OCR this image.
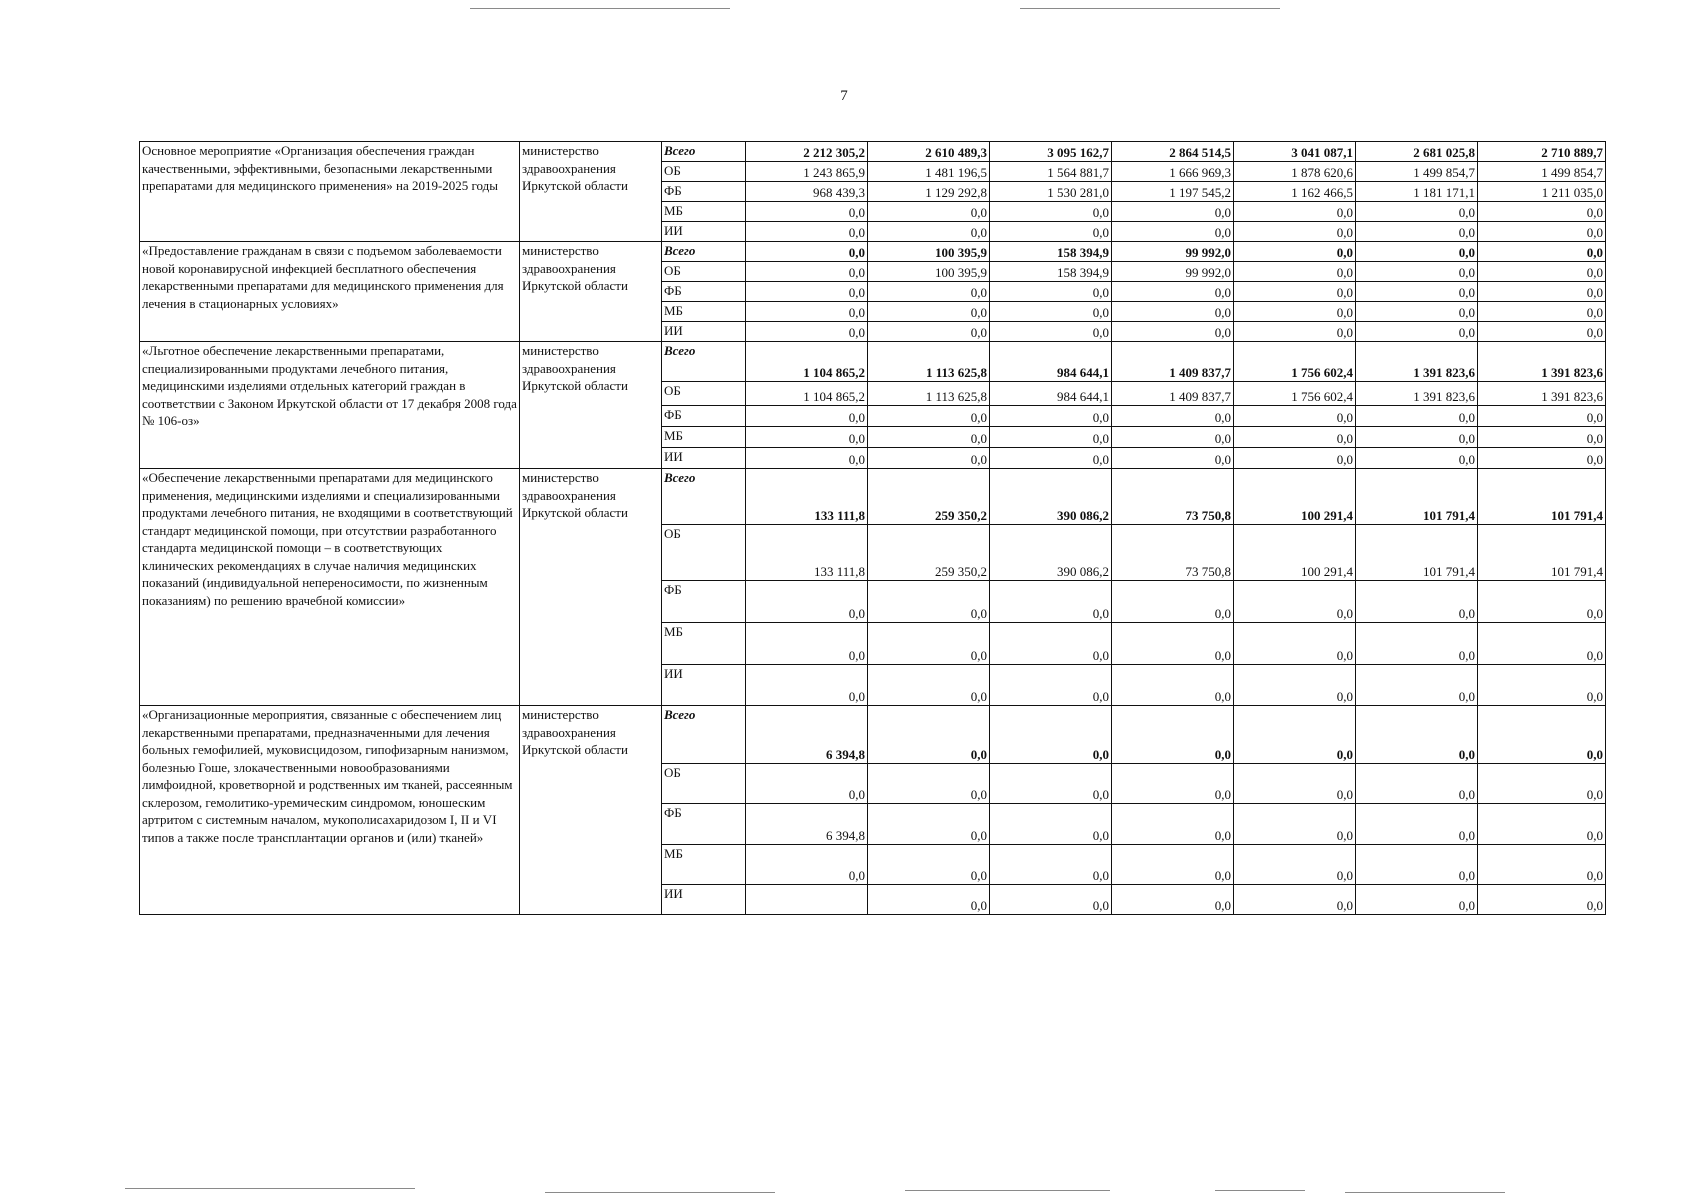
7
Основное мероприятие «Организация обеспечения граждан качественными, эффективными, безопасными лекарственными препаратами для медицинского применения» на 2019-2025 годы	министерство здравоохранения Иркутской области	Всего	2 212 305,2	2 610 489,3	3 095 162,7	2 864 514,5	3 041 087,1	2 681 025,8	2 710 889,7
		ОБ	1 243 865,9	1 481 196,5	1 564 881,7	1 666 969,3	1 878 620,6	1 499 854,7	1 499 854,7
		ФБ	968 439,3	1 129 292,8	1 530 281,0	1 197 545,2	1 162 466,5	1 181 171,1	1 211 035,0
		МБ	0,0	0,0	0,0	0,0	0,0	0,0	0,0
		ИИ	0,0	0,0	0,0	0,0	0,0	0,0	0,0
«Предоставление гражданам в связи с подъемом заболеваемости новой коронавирусной инфекцией бесплатного обеспечения лекарственными препаратами для медицинского применения для лечения в стационарных условиях»	министерство здравоохранения Иркутской области	Всего	0,0	100 395,9	158 394,9	99 992,0	0,0	0,0	0,0
		ОБ	0,0	100 395,9	158 394,9	99 992,0	0,0	0,0	0,0
		ФБ	0,0	0,0	0,0	0,0	0,0	0,0	0,0
		МБ	0,0	0,0	0,0	0,0	0,0	0,0	0,0
		ИИ	0,0	0,0	0,0	0,0	0,0	0,0	0,0
«Льготное обеспечение лекарственными препаратами, специализированными продуктами лечебного питания, медицинскими изделиями отдельных категорий граждан в соответствии с Законом Иркутской области от 17 декабря 2008 года № 106-оз»	министерство здравоохранения Иркутской области	Всего	1 104 865,2	1 113 625,8	984 644,1	1 409 837,7	1 756 602,4	1 391 823,6	1 391 823,6
		ОБ	1 104 865,2	1 113 625,8	984 644,1	1 409 837,7	1 756 602,4	1 391 823,6	1 391 823,6
		ФБ	0,0	0,0	0,0	0,0	0,0	0,0	0,0
		МБ	0,0	0,0	0,0	0,0	0,0	0,0	0,0
		ИИ	0,0	0,0	0,0	0,0	0,0	0,0	0,0
«Обеспечение лекарственными препаратами для медицинского применения, медицинскими изделиями и специализированными продуктами лечебного питания, не входящими в соответствующий стандарт медицинской помощи, при отсутствии разработанного стандарта медицинской помощи – в соответствующих клинических рекомендациях в случае наличия медицинских показаний (индивидуальной непереносимости, по жизненным показаниям) по решению врачебной комиссии»	министерство здравоохранения Иркутской области	Всего	133 111,8	259 350,2	390 086,2	73 750,8	100 291,4	101 791,4	101 791,4
		ОБ	133 111,8	259 350,2	390 086,2	73 750,8	100 291,4	101 791,4	101 791,4
		ФБ	0,0	0,0	0,0	0,0	0,0	0,0	0,0
		МБ	0,0	0,0	0,0	0,0	0,0	0,0	0,0
		ИИ	0,0	0,0	0,0	0,0	0,0	0,0	0,0
«Организационные мероприятия, связанные с обеспечением лиц лекарственными препаратами, предназначенными для лечения больных гемофилией, муковисцидозом, гипофизарным нанизмом, болезнью Гоше, злокачественными новообразованиями лимфоидной, кроветворной и родственных им тканей, рассеянным склерозом, гемолитико-уремическим синдромом, юношеским артритом с системным началом, мукополисахаридозом I, II и VI типов а также после трансплантации органов и (или) тканей»	министерство здравоохранения Иркутской области	Всего	6 394,8	0,0	0,0	0,0	0,0	0,0	0,0
		ОБ	0,0	0,0	0,0	0,0	0,0	0,0	0,0
		ФБ	6 394,8	0,0	0,0	0,0	0,0	0,0	0,0
		МБ	0,0	0,0	0,0	0,0	0,0	0,0	0,0
		ИИ		0,0	0,0	0,0	0,0	0,0	0,0
